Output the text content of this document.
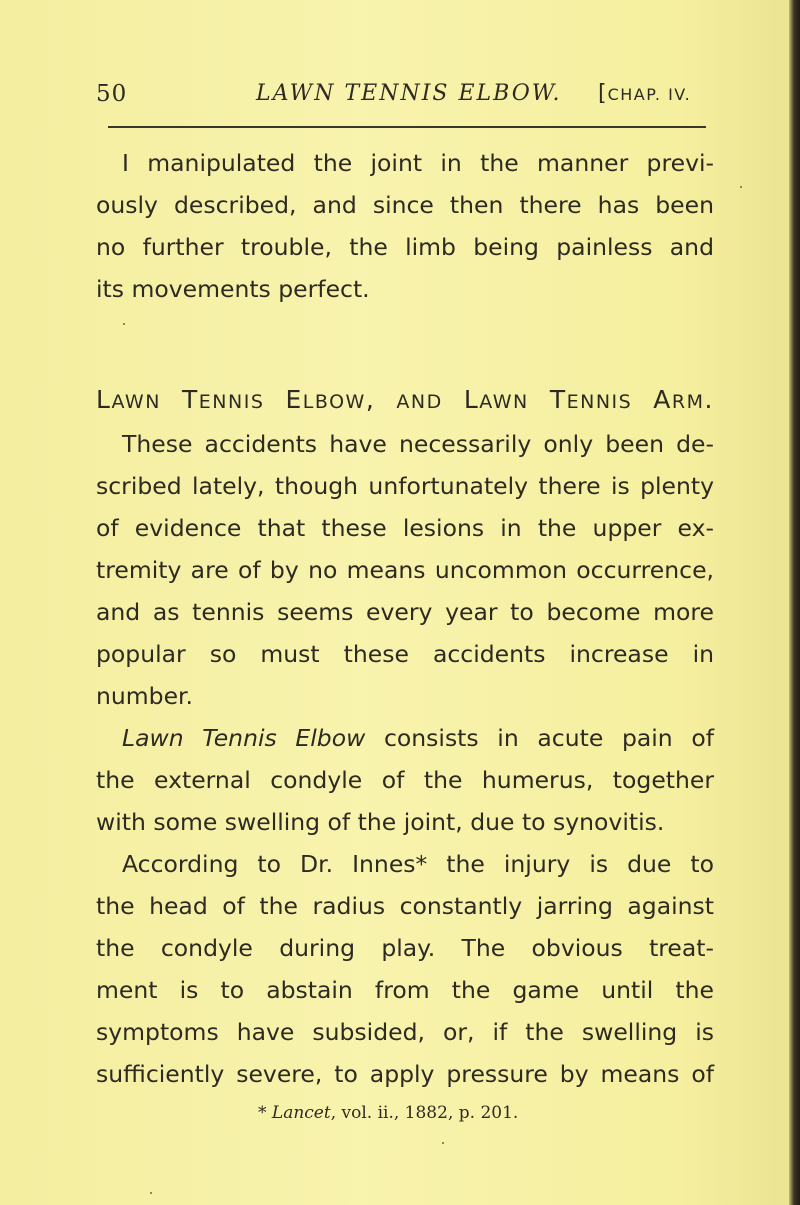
50	LAWN TENNIS ELBOW. [CHAP. IV.
I manipulated the joint in the manner previ-
ously described, and since then there has been
no further trouble, the limb being painless and
its movements perfect.
LAWN TENNIS ELBOW, AND LAWN TENNIS ARM.
These accidents have necessarily only been de-
scribed lately, though unfortunately there is plenty
of evidence that these lesions in the upper ex-
tremity are of by no means uncommon occurrence,
and as tennis seems every year to become more
popular so must these accidents increase in
number.
Lawn Tennis Elbow consists in acute pain of
the external condyle of the humerus, together
with some swelling of the joint, due to synovitis.
According to Dr. Innes* the injury is due to
the head of the radius constantly jarring against
the condyle during play. The obvious treat-
ment is to abstain from the game until the
symptoms have subsided, or, if the swelling is
sufficiently severe, to apply pressure by means of
* Lancet, vol. ii., 1882, p. 201.
